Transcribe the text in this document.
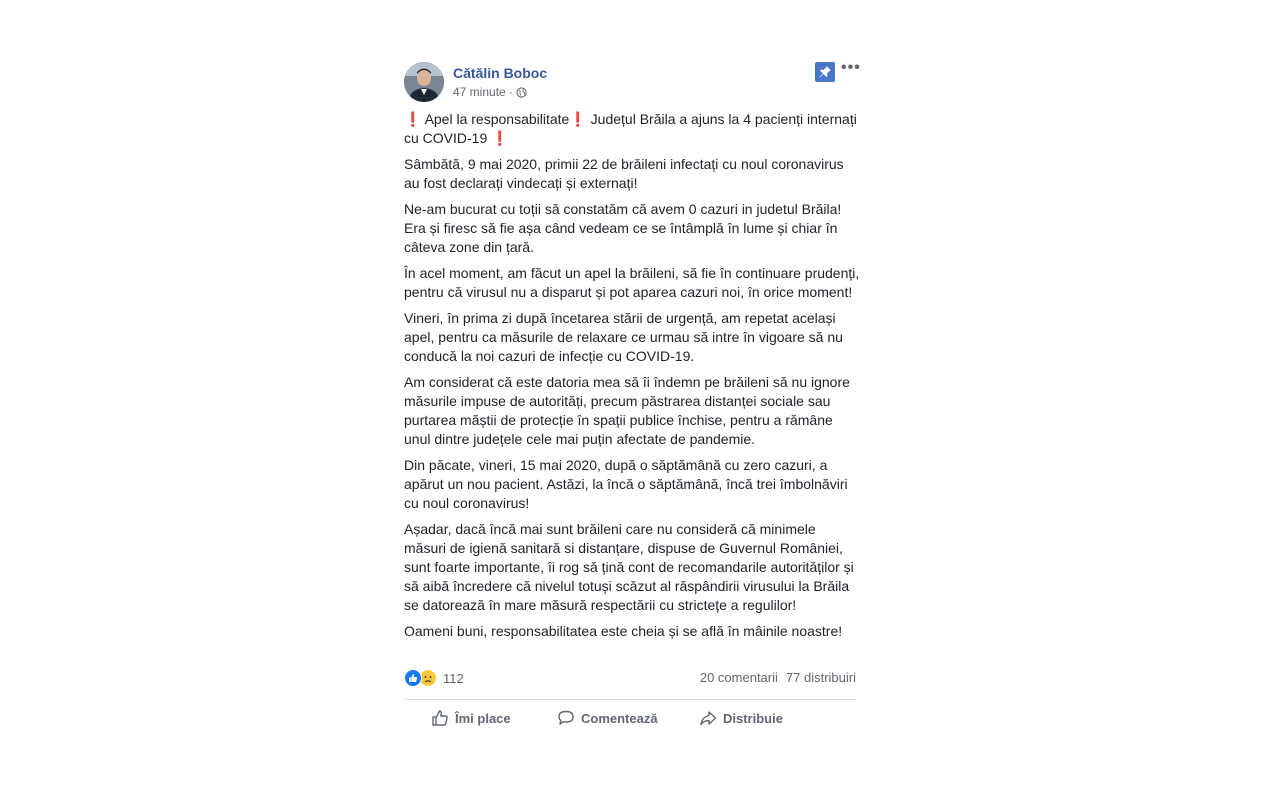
Cătălin Boboc
47 minute ·
•••

❗ Apel la responsabilitate❗ Județul Brăila a ajuns la 4 pacienți internați cu COVID-19 ❗

Sâmbătă, 9 mai 2020, primii 22 de brăileni infectați cu noul coronavirus au fost declarați vindecați și externați!

Ne-am bucurat cu toții să constatăm că avem 0 cazuri in judetul Brăila! Era și firesc să fie așa când vedeam ce se întâmplă în lume și chiar în câteva zone din țară.

În acel moment, am făcut un apel la brăileni, să fie în continuare prudenți, pentru că virusul nu a disparut și pot aparea cazuri noi, în orice moment!

Vineri, în prima zi după încetarea stării de urgență, am repetat același apel, pentru ca măsurile de relaxare ce urmau să intre în vigoare să nu conducă la noi cazuri de infecție cu COVID-19.

Am considerat că este datoria mea să îi îndemn pe brăileni să nu ignore măsurile impuse de autorități, precum păstrarea distanței sociale sau purtarea măștii de protecție în spații publice închise, pentru a rămâne unul dintre județele cele mai puțin afectate de pandemie.

Din păcate, vineri, 15 mai 2020, după o săptămână cu zero cazuri, a apărut un nou pacient. Astăzi, la încă o săptămână, încă trei îmbolnăviri cu noul coronavirus!

Așadar, dacă încă mai sunt brăileni care nu consideră că minimele măsuri de igienă sanitară si distanțare, dispuse de Guvernul României, sunt foarte importante, îi rog să țină cont de recomandarile autorităților și să aibă încredere că nivelul totuși scăzut al răspândirii virusului la Brăila se datorează în mare măsură respectării cu strictețe a regulilor!

Oameni buni, responsabilitatea este cheia și se află în mâinile noastre!

112	20 comentarii 77 distribuiri
Îmi place	Comentează	Distribuie
